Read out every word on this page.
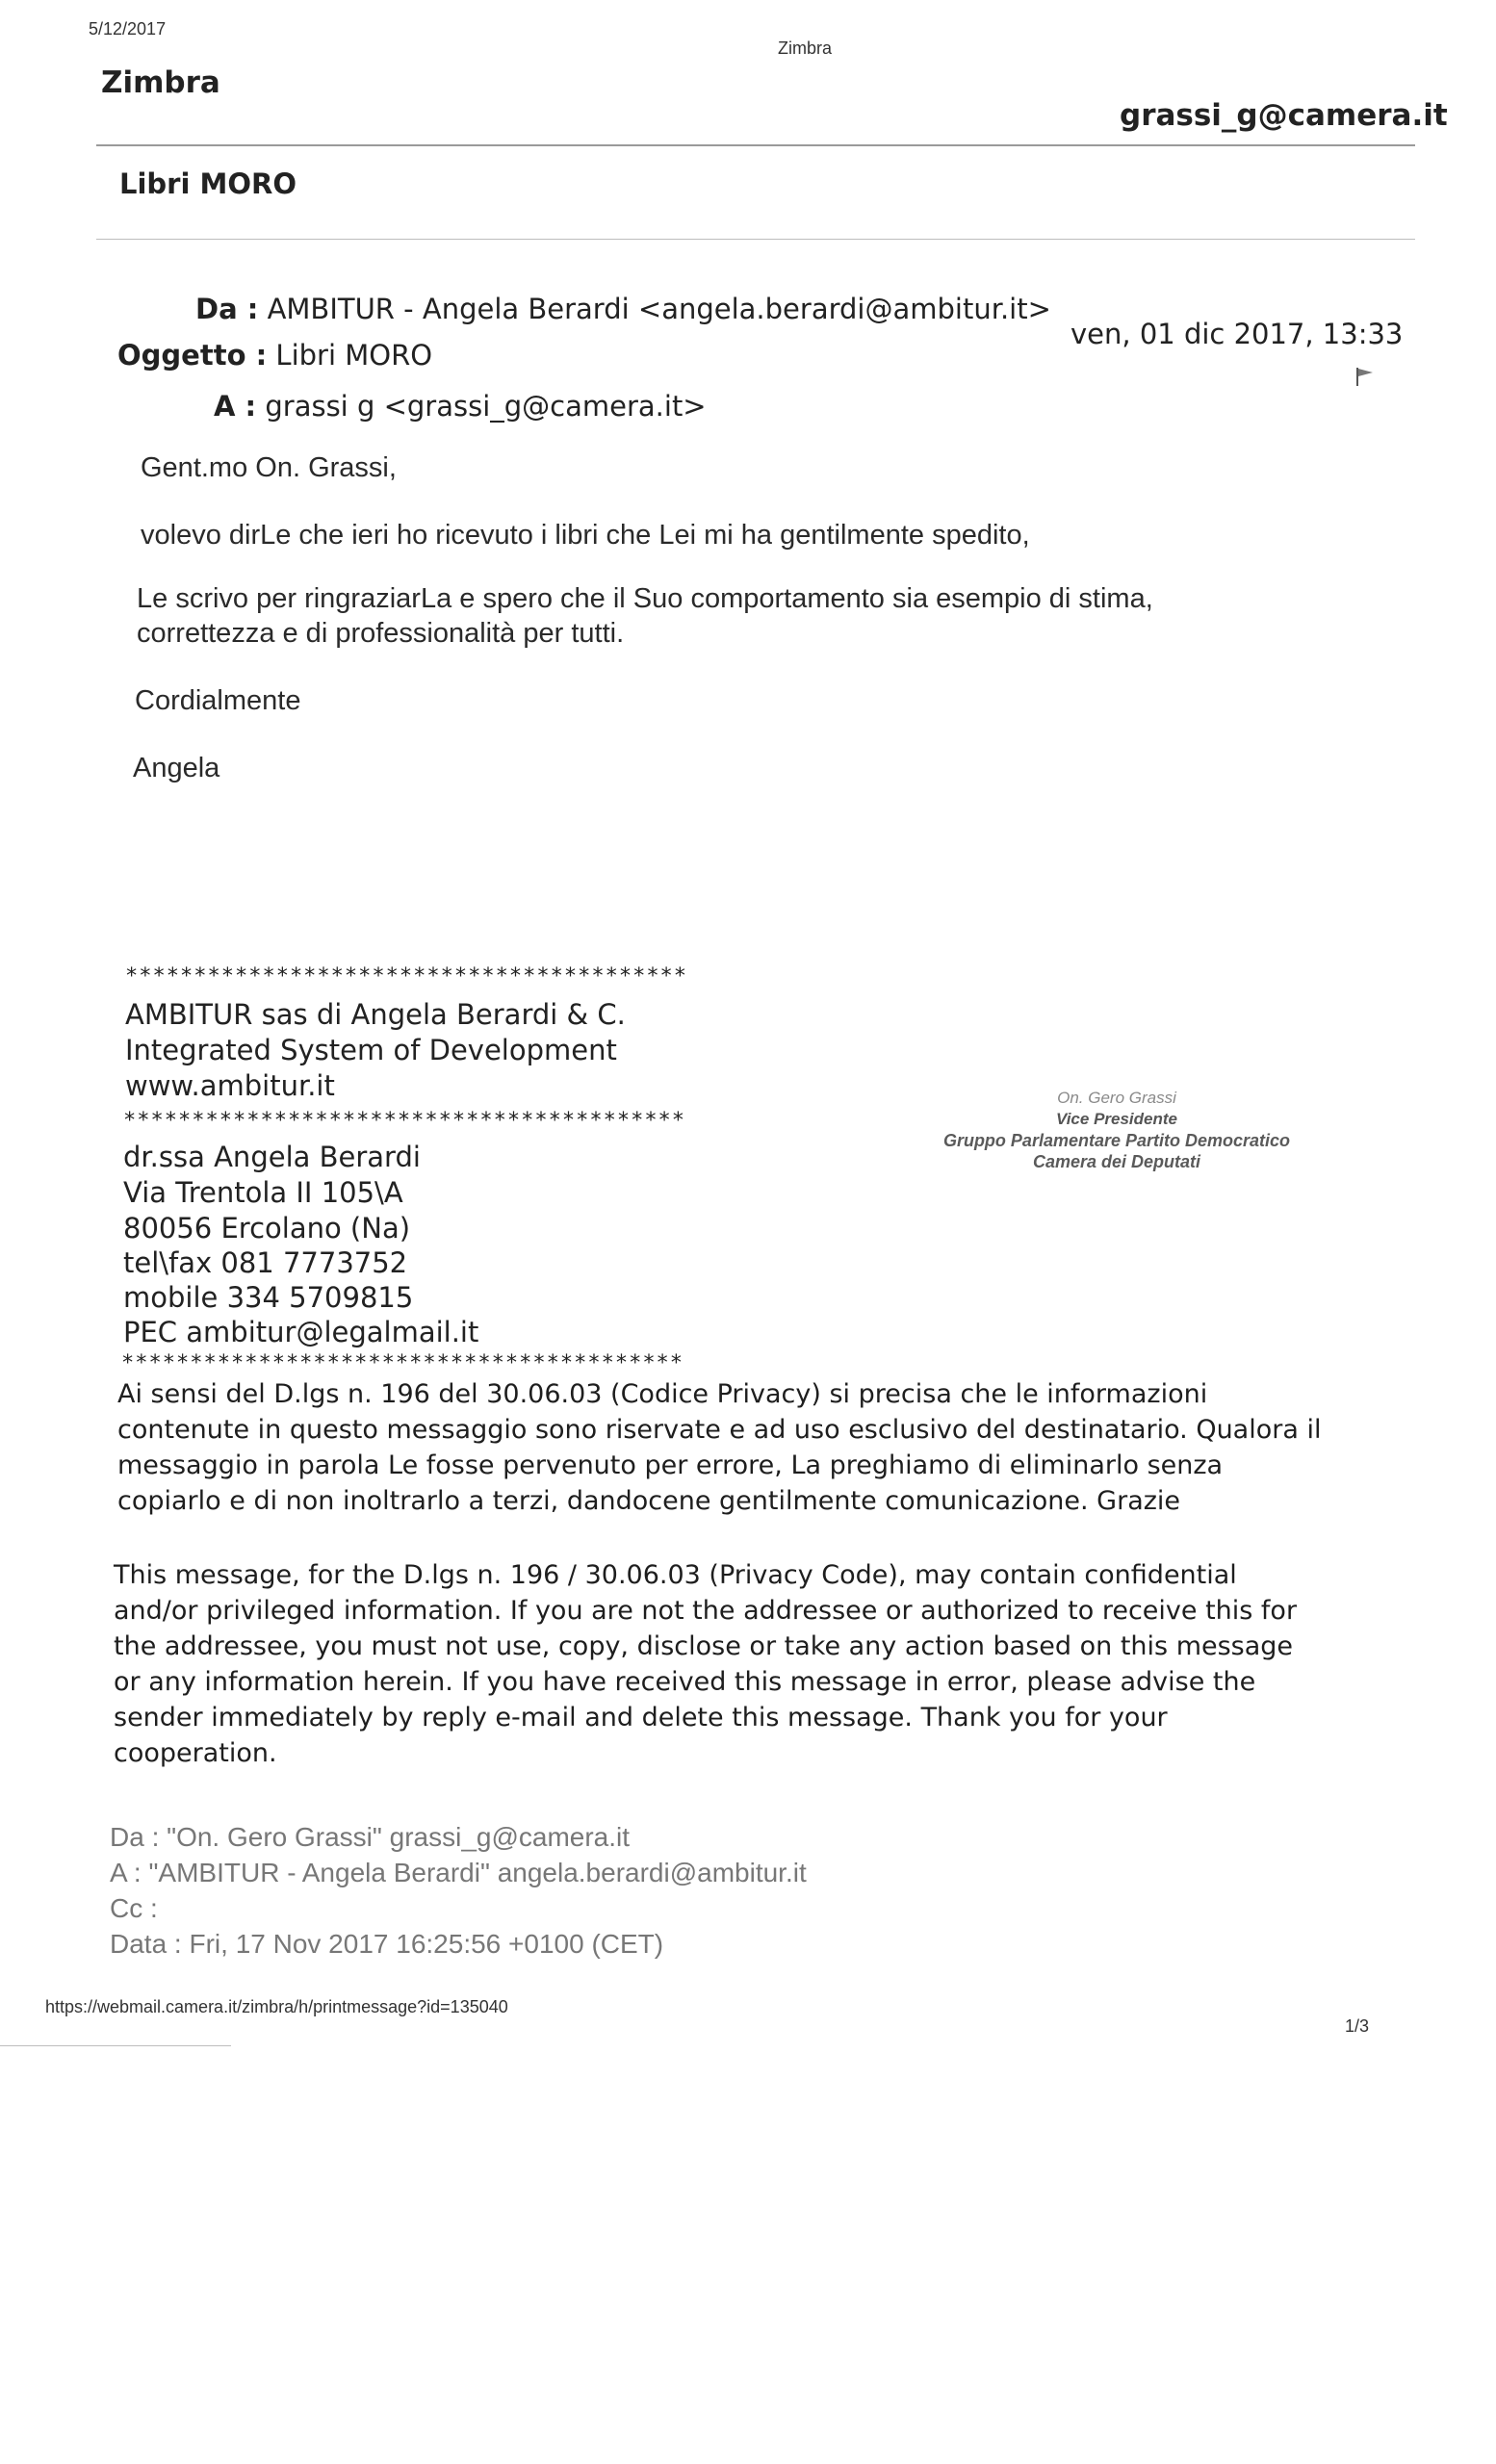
5/12/2017
Zimbra
Zimbra
grassi_g@camera.it
Libri MORO
Da : AMBITUR - Angela Berardi <angela.berardi@ambitur.it>
Oggetto : Libri MORO
A : grassi g <grassi_g@camera.it>
ven, 01 dic 2017, 13:33
Gent.mo On. Grassi,
volevo dirLe che ieri ho ricevuto i libri che Lei mi ha gentilmente spedito,
Le scrivo per ringraziarLa e spero che il Suo comportamento sia esempio di stima,
correttezza e di professionalità per tutti.
Cordialmente
Angela
*****************************************
AMBITUR sas di Angela Berardi & C.
Integrated System of Development
www.ambitur.it
*****************************************
dr.ssa Angela Berardi
Via Trentola II 105\A
80056 Ercolano (Na)
tel\fax 081 7773752
mobile 334 5709815
PEC ambitur@legalmail.it
*****************************************
On. Gero Grassi
Vice Presidente
Gruppo Parlamentare Partito Democratico
Camera dei Deputati
Ai sensi del D.lgs n. 196 del 30.06.03 (Codice Privacy) si precisa che le informazioni
contenute in questo messaggio sono riservate e ad uso esclusivo del destinatario. Qualora il
messaggio in parola Le fosse pervenuto per errore, La preghiamo di eliminarlo senza
copiarlo e di non inoltrarlo a terzi, dandocene gentilmente comunicazione. Grazie
This message, for the D.lgs n. 196 / 30.06.03 (Privacy Code), may contain confidential
and/or privileged information. If you are not the addressee or authorized to receive this for
the addressee, you must not use, copy, disclose or take any action based on this message
or any information herein. If you have received this message in error, please advise the
sender immediately by reply e-mail and delete this message. Thank you for your
cooperation.
Da : "On. Gero Grassi" grassi_g@camera.it
A : "AMBITUR - Angela Berardi" angela.berardi@ambitur.it
Cc :
Data : Fri, 17 Nov 2017 16:25:56 +0100 (CET)
https://webmail.camera.it/zimbra/h/printmessage?id=135040
1/3
